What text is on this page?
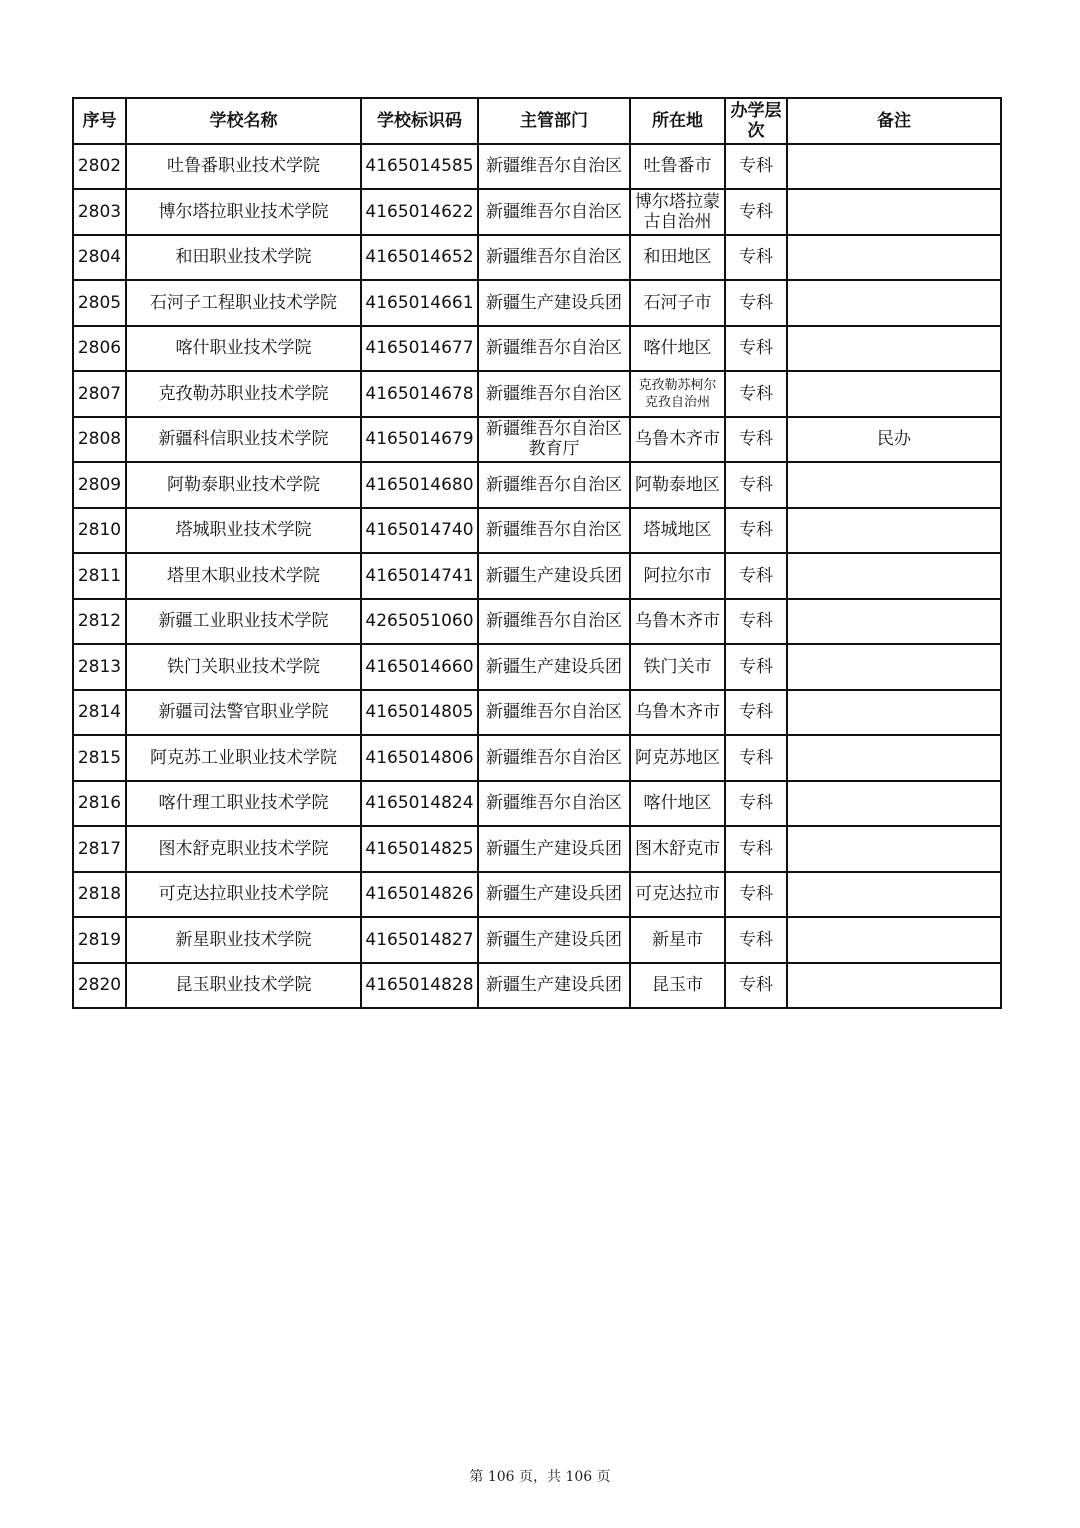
序号	学校名称	学校标识码	主管部门	所在地	办学层次	备注
2802	吐鲁番职业技术学院	4165014585	新疆维吾尔自治区	吐鲁番市	专科	
2803	博尔塔拉职业技术学院	4165014622	新疆维吾尔自治区	博尔塔拉蒙古自治州	专科	
2804	和田职业技术学院	4165014652	新疆维吾尔自治区	和田地区	专科	
2805	石河子工程职业技术学院	4165014661	新疆生产建设兵团	石河子市	专科	
2806	喀什职业技术学院	4165014677	新疆维吾尔自治区	喀什地区	专科	
2807	克孜勒苏职业技术学院	4165014678	新疆维吾尔自治区	克孜勒苏柯尔克孜自治州	专科	
2808	新疆科信职业技术学院	4165014679	新疆维吾尔自治区教育厅	乌鲁木齐市	专科	民办
2809	阿勒泰职业技术学院	4165014680	新疆维吾尔自治区	阿勒泰地区	专科	
2810	塔城职业技术学院	4165014740	新疆维吾尔自治区	塔城地区	专科	
2811	塔里木职业技术学院	4165014741	新疆生产建设兵团	阿拉尔市	专科	
2812	新疆工业职业技术学院	4265051060	新疆维吾尔自治区	乌鲁木齐市	专科	
2813	铁门关职业技术学院	4165014660	新疆生产建设兵团	铁门关市	专科	
2814	新疆司法警官职业学院	4165014805	新疆维吾尔自治区	乌鲁木齐市	专科	
2815	阿克苏工业职业技术学院	4165014806	新疆维吾尔自治区	阿克苏地区	专科	
2816	喀什理工职业技术学院	4165014824	新疆维吾尔自治区	喀什地区	专科	
2817	图木舒克职业技术学院	4165014825	新疆生产建设兵团	图木舒克市	专科	
2818	可克达拉职业技术学院	4165014826	新疆生产建设兵团	可克达拉市	专科	
2819	新星职业技术学院	4165014827	新疆生产建设兵团	新星市	专科	
2820	昆玉职业技术学院	4165014828	新疆生产建设兵团	昆玉市	专科	
第 106 页，共 106 页
